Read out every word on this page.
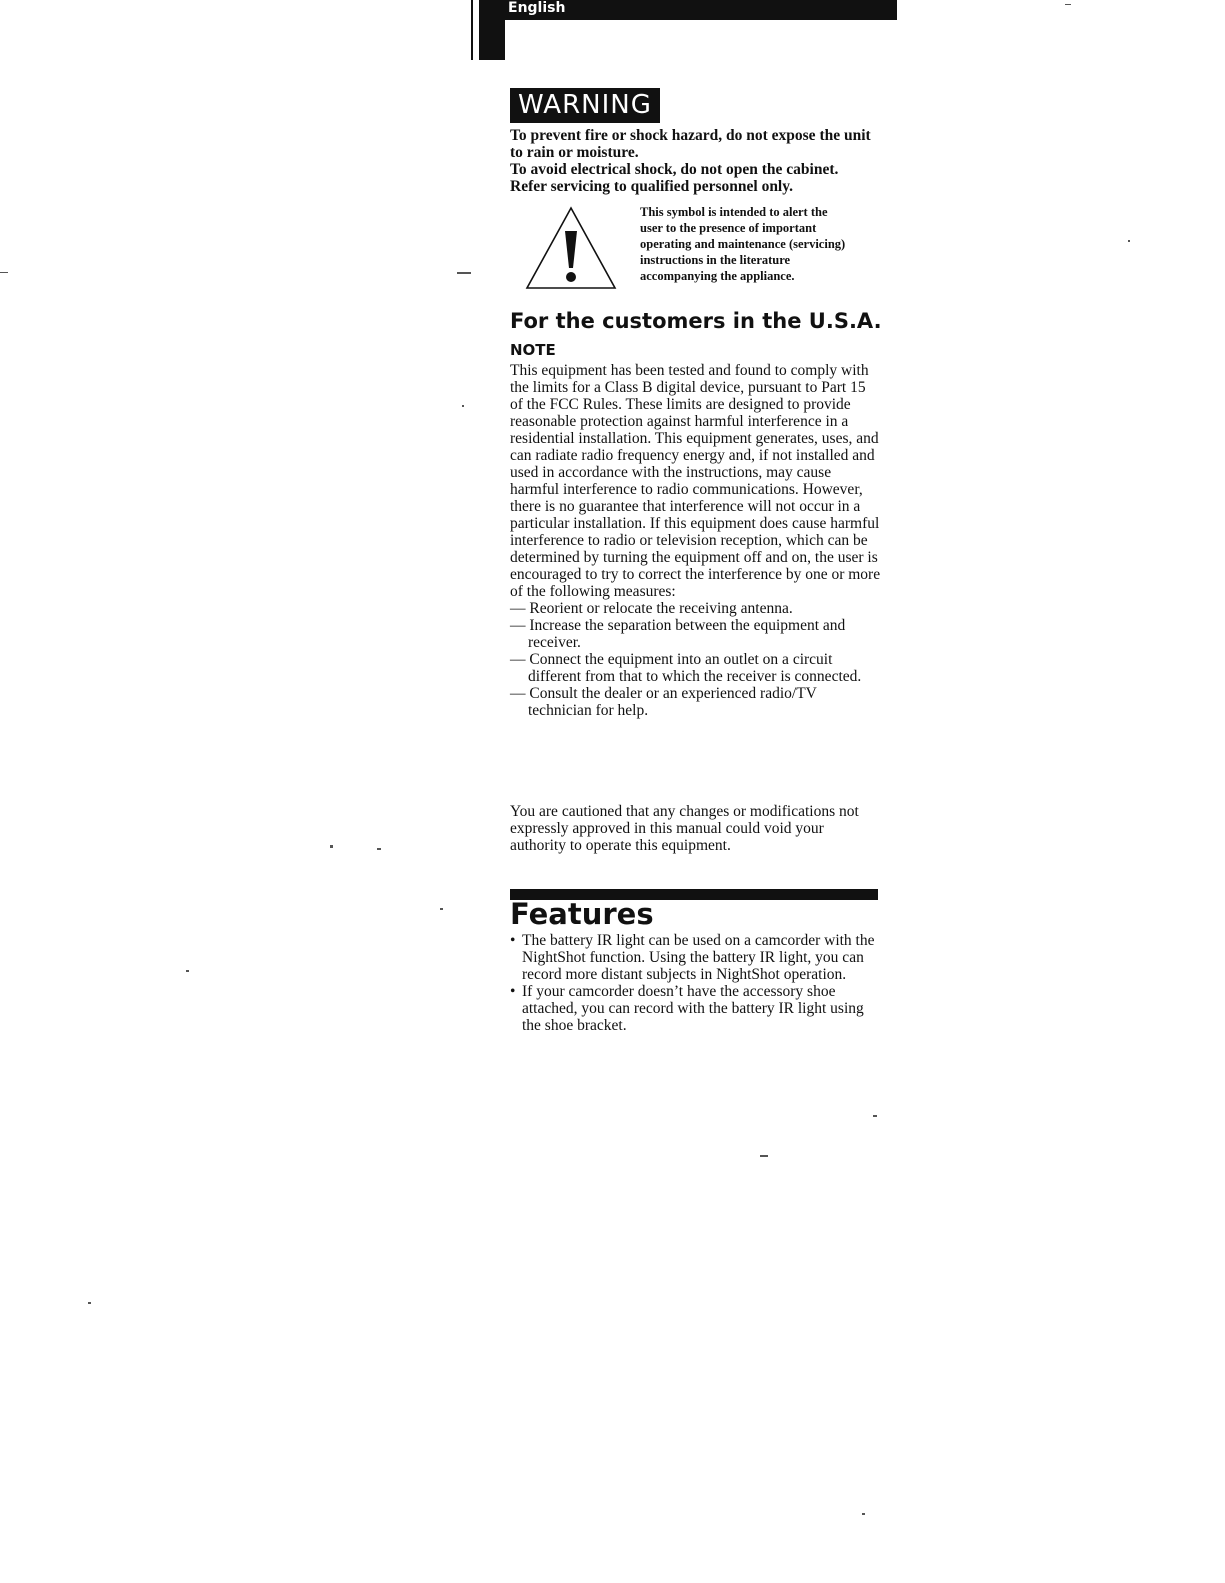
English
WARNING

To prevent fire or shock hazard, do not expose the unit to rain or moisture.

To avoid electrical shock, do not open the cabinet. Refer servicing to qualified personnel only.

This symbol is intended to alert the user to the presence of important operating and maintenance (servicing) instructions in the literature accompanying the appliance.
For the customers in the U.S.A.
NOTE

This equipment has been tested and found to comply with the limits for a Class B digital device, pursuant to Part 15 of the FCC Rules. These limits are designed to provide reasonable protection against harmful interference in a residential installation. This equipment generates, uses, and can radiate radio frequency energy and, if not installed and used in accordance with the instructions, may cause harmful interference to radio communications. However, there is no guarantee that interference will not occur in a particular installation. If this equipment does cause harmful interference to radio or television reception, which can be determined by turning the equipment off and on, the user is encouraged to try to correct the interference by one or more of the following measures:

— Reorient or relocate the receiving antenna.
— Increase the separation between the equipment and receiver.
— Connect the equipment into an outlet on a circuit different from that to which the receiver is connected.
— Consult the dealer or an experienced radio/TV technician for help.
You are cautioned that any changes or modifications not expressly approved in this manual could void your authority to operate this equipment.
Features
• The battery IR light can be used on a camcorder with the NightShot function. Using the battery IR light, you can record more distant subjects in NightShot operation.
• If your camcorder doesn’t have the accessory shoe attached, you can record with the battery IR light using the shoe bracket.
